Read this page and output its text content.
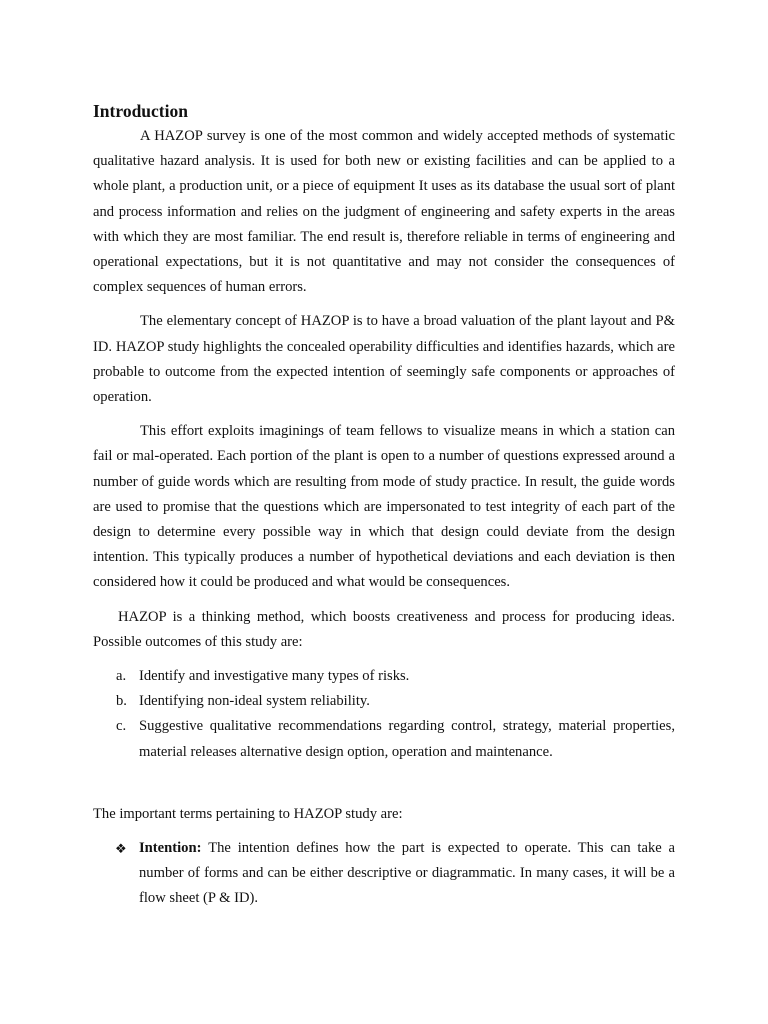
Introduction

A HAZOP survey is one of the most common and widely accepted methods of systematic qualitative hazard analysis. It is used for both new or existing facilities and can be applied to a whole plant, a production unit, or a piece of equipment It uses as its database the usual sort of plant and process information and relies on the judgment of engineering and safety experts in the areas with which they are most familiar. The end result is, therefore reliable in terms of engineering and operational expectations, but it is not quantitative and may not consider the consequences of complex sequences of human errors.

The elementary concept of HAZOP is to have a broad valuation of the plant layout and P& ID. HAZOP study highlights the concealed operability difficulties and identifies hazards, which are probable to outcome from the expected intention of seemingly safe components or approaches of operation.

This effort exploits imaginings of team fellows to visualize means in which a station can fail or mal-operated. Each portion of the plant is open to a number of questions expressed around a number of guide words which are resulting from mode of study practice. In result, the guide words are used to promise that the questions which are impersonated to test integrity of each part of the design to determine every possible way in which that design could deviate from the design intention. This typically produces a number of hypothetical deviations and each deviation is then considered how it could be produced and what would be consequences.

HAZOP is a thinking method, which boosts creativeness and process for producing ideas. Possible outcomes of this study are:

a. Identify and investigative many types of risks.
b. Identifying non-ideal system reliability.
c. Suggestive qualitative recommendations regarding control, strategy, material properties, material releases alternative design option, operation and maintenance.

The important terms pertaining to HAZOP study are:

❖ Intention: The intention defines how the part is expected to operate. This can take a number of forms and can be either descriptive or diagrammatic. In many cases, it will be a flow sheet (P & ID).
